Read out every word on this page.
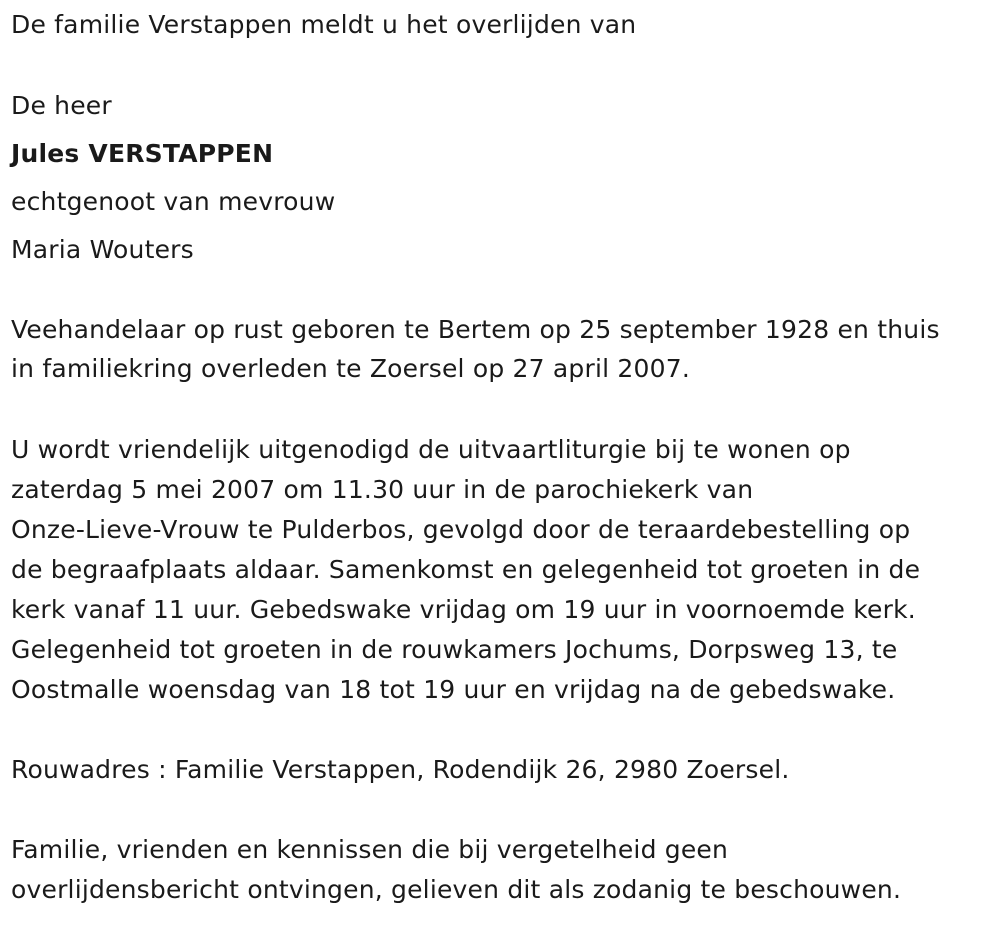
De familie Verstappen meldt u het overlijden van
De heer
Jules VERSTAPPEN
echtgenoot van mevrouw
Maria Wouters
Veehandelaar op rust geboren te Bertem op 25 september 1928 en thuis
in familiekring overleden te Zoersel op 27 april 2007.
U wordt vriendelijk uitgenodigd de uitvaartliturgie bij te wonen op
zaterdag 5 mei 2007 om 11.30 uur in de parochiekerk van
Onze-Lieve-Vrouw te Pulderbos, gevolgd door de teraardebestelling op
de begraafplaats aldaar. Samenkomst en gelegenheid tot groeten in de
kerk vanaf 11 uur. Gebedswake vrijdag om 19 uur in voornoemde kerk.
Gelegenheid tot groeten in de rouwkamers Jochums, Dorpsweg 13, te
Oostmalle woensdag van 18 tot 19 uur en vrijdag na de gebedswake.
Rouwadres : Familie Verstappen, Rodendijk 26, 2980 Zoersel.
Familie, vrienden en kennissen die bij vergetelheid geen
overlijdensbericht ontvingen, gelieven dit als zodanig te beschouwen.
